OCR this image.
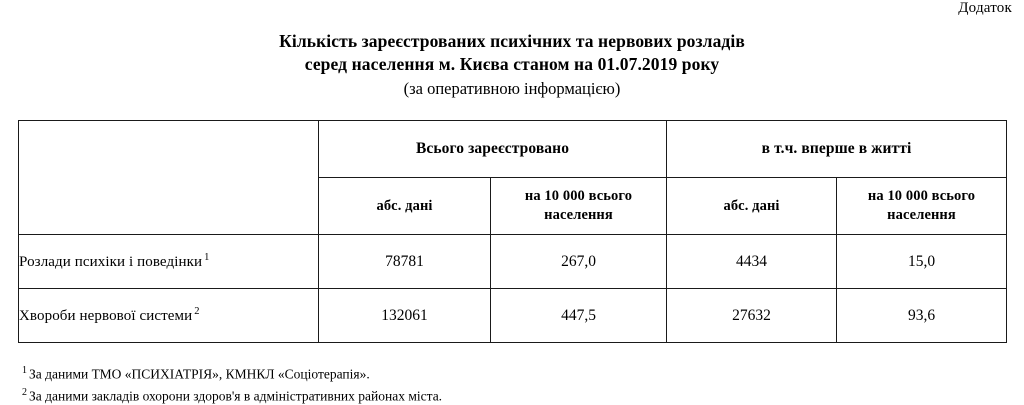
Додаток
Кількість зареєстрованих психічних та нервових розладів
серед населення м. Києва станом на 01.07.2019 року
(за оперативною інформацією)
	Всього зареєстровано		в т.ч. вперше в житті	
	абс. дані	на 10 000 всього населення	абс. дані	на 10 000 всього населення
Розлади психіки і поведінки $^1$	78781	267,0	4434	15,0
Хвороби нервової системи $^2$	132061	447,5	27632	93,6
$^1$ За даними ТМО «ПСИХІАТРІЯ», КМНКЛ «Соціотерапія».
$^2$ За даними закладів охорони здоров'я в адміністративних районах міста.
